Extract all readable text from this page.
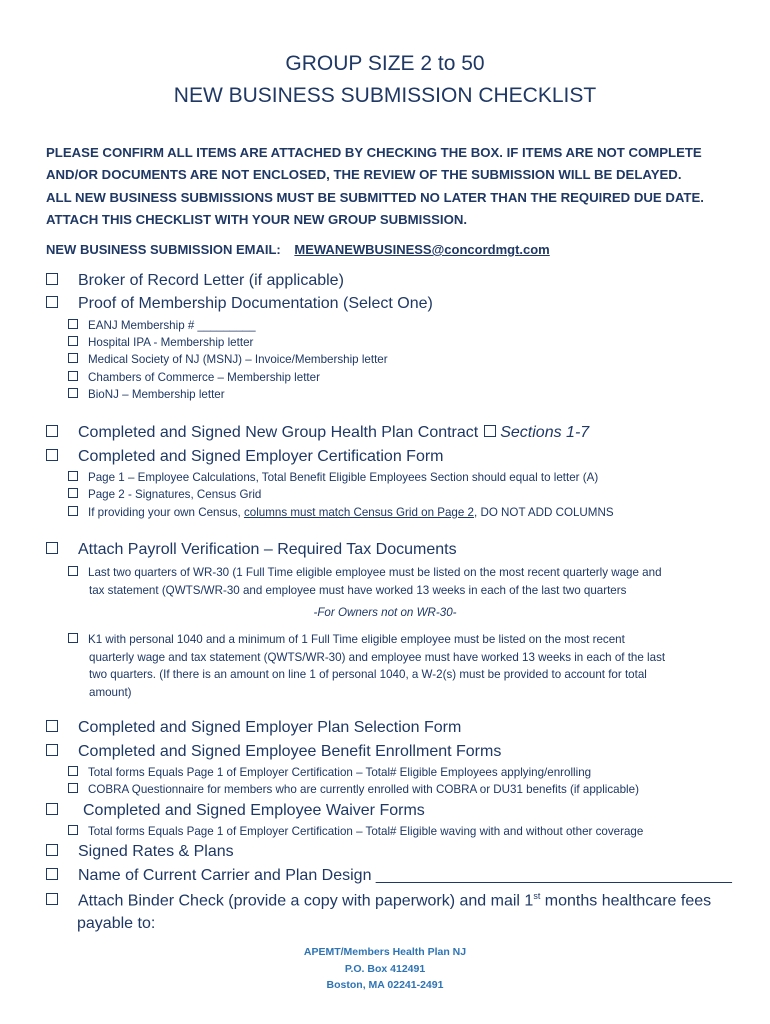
GROUP SIZE 2 to 50
NEW BUSINESS SUBMISSION CHECKLIST
PLEASE CONFIRM ALL ITEMS ARE ATTACHED BY CHECKING THE BOX. IF ITEMS ARE NOT COMPLETE
AND/OR DOCUMENTS ARE NOT ENCLOSED, THE REVIEW OF THE SUBMISSION WILL BE DELAYED.
ALL NEW BUSINESS SUBMISSIONS MUST BE SUBMITTED NO LATER THAN THE REQUIRED DUE DATE.
ATTACH THIS CHECKLIST WITH YOUR NEW GROUP SUBMISSION.
NEW BUSINESS SUBMISSION EMAIL: MEWANEWBUSINESS@concordmgt.com
Broker of Record Letter (if applicable)
Proof of Membership Documentation (Select One)
EANJ Membership # _________
Hospital IPA - Membership letter
Medical Society of NJ (MSNJ) – Invoice/Membership letter
Chambers of Commerce – Membership letter
BioNJ – Membership letter
Completed and Signed New Group Health Plan Contract Sections 1-7
Completed and Signed Employer Certification Form
Page 1 – Employee Calculations, Total Benefit Eligible Employees Section should equal to letter (A)
Page 2 - Signatures, Census Grid
If providing your own Census, columns must match Census Grid on Page 2, DO NOT ADD COLUMNS
Attach Payroll Verification – Required Tax Documents
Last two quarters of WR-30 (1 Full Time eligible employee must be listed on the most recent quarterly wage and
tax statement (QWTS/WR-30 and employee must have worked 13 weeks in each of the last two quarters
-For Owners not on WR-30-
K1 with personal 1040 and a minimum of 1 Full Time eligible employee must be listed on the most recent
quarterly wage and tax statement (QWTS/WR-30) and employee must have worked 13 weeks in each of the last
two quarters. (If there is an amount on line 1 of personal 1040, a W-2(s) must be provided to account for total
amount)
Completed and Signed Employer Plan Selection Form
Completed and Signed Employee Benefit Enrollment Forms
Total forms Equals Page 1 of Employer Certification – Total# Eligible Employees applying/enrolling
COBRA Questionnaire for members who are currently enrolled with COBRA or DU31 benefits (if applicable)
Completed and Signed Employee Waiver Forms
Total forms Equals Page 1 of Employer Certification – Total# Eligible waving with and without other coverage
Signed Rates & Plans
Name of Current Carrier and Plan Design ________________________________________
Attach Binder Check (provide a copy with paperwork) and mail 1st months healthcare fees
payable to:
APEMT/Members Health Plan NJ
P.O. Box 412491
Boston, MA 02241-2491
